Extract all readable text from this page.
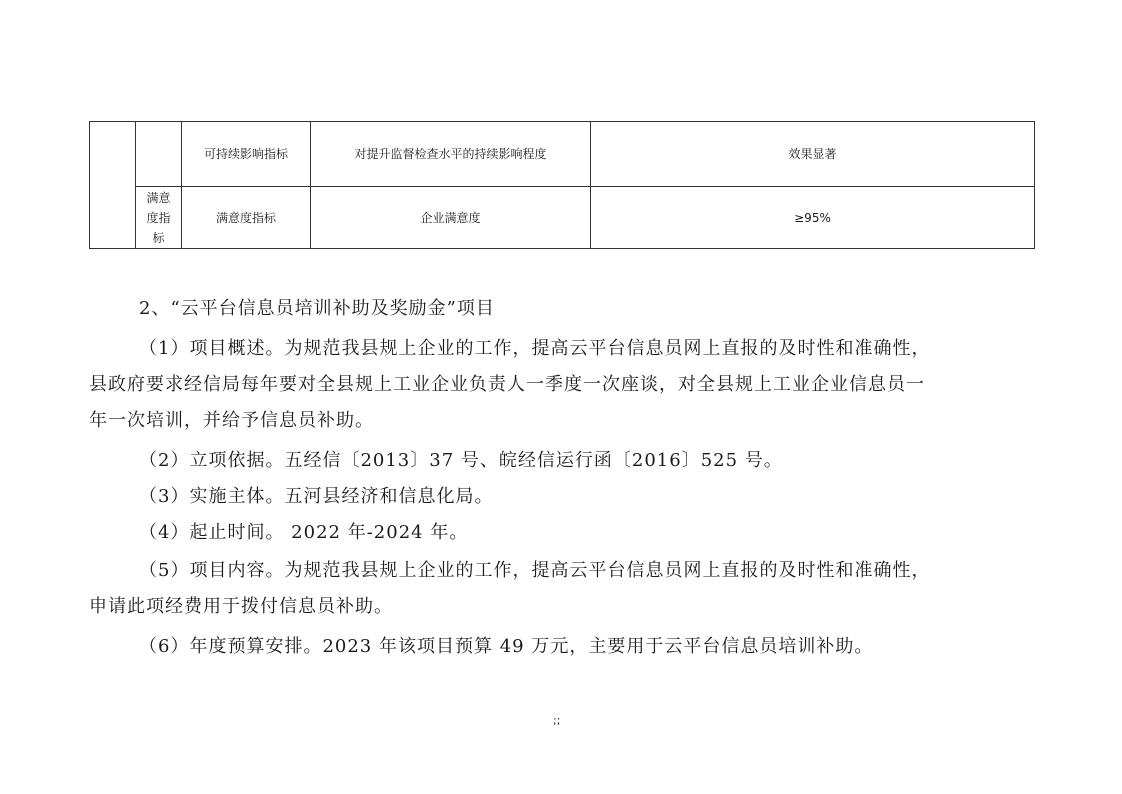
		可持续影响指标	对提升监督检查水平的持续影响程度	效果显著
	满意度指标	满意度指标	企业满意度	≥95%

2、“云平台信息员培训补助及奖励金”项目

（1）项目概述。为规范我县规上企业的工作，提高云平台信息员网上直报的及时性和准确性，

县政府要求经信局每年要对全县规上工业企业负责人一季度一次座谈，对全县规上工业企业信息员一

年一次培训，并给予信息员补助。

（2）立项依据。五经信〔2013〕37 号、皖经信运行函〔2016〕525 号。

（3）实施主体。五河县经济和信息化局。

（4）起止时间。 2022 年-2024 年。

（5）项目内容。为规范我县规上企业的工作，提高云平台信息员网上直报的及时性和准确性，

申请此项经费用于拨付信息员补助。

（6）年度预算安排。2023 年该项目预算 49 万元，主要用于云平台信息员培训补助。

;;
